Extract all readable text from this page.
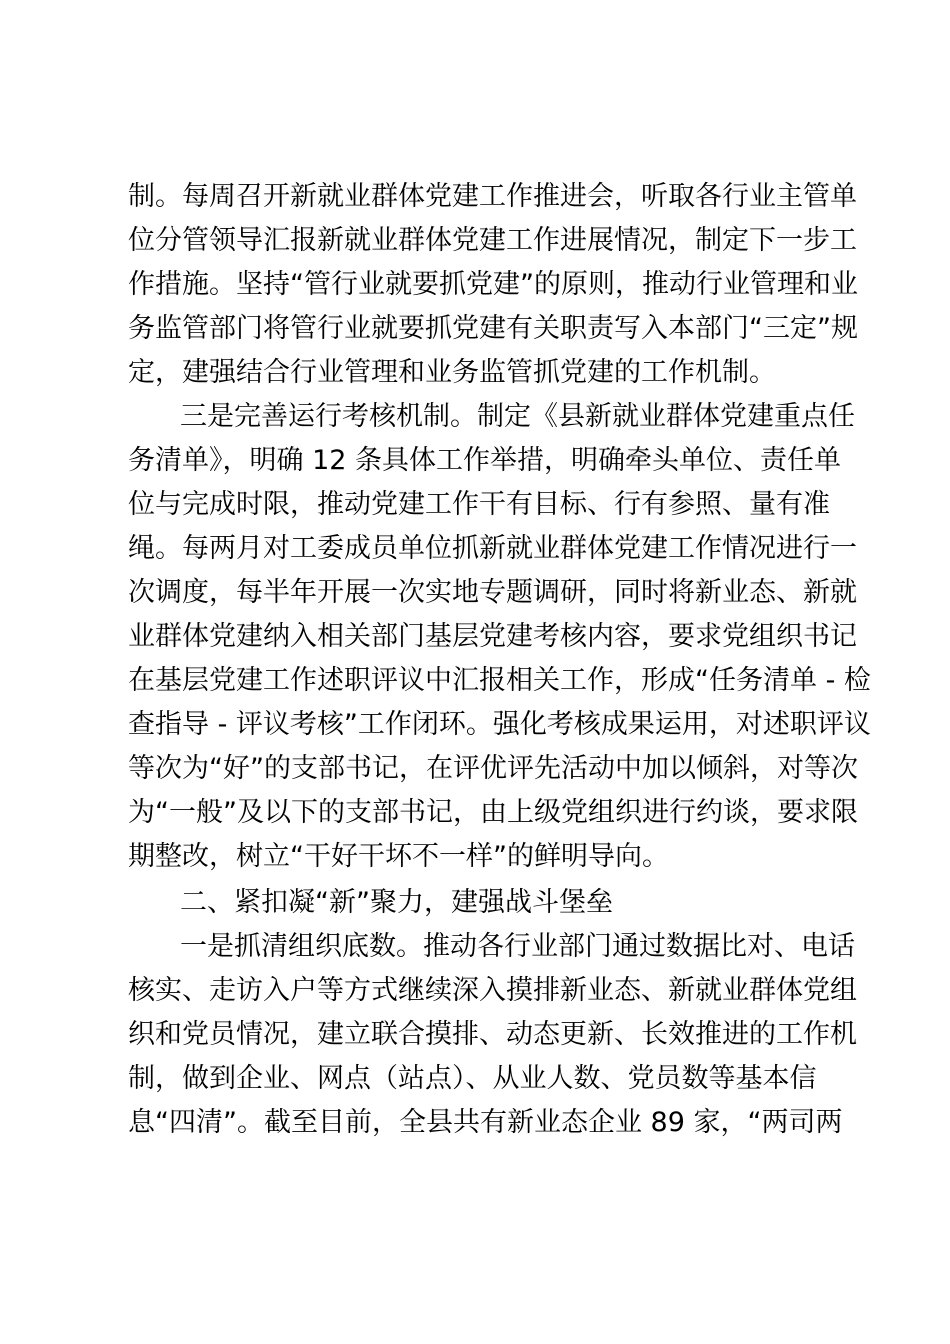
制。每周召开新就业群体党建工作推进会，听取各行业主管单
位分管领导汇报新就业群体党建工作进展情况，制定下一步工
作措施。坚持“管行业就要抓党建”的原则，推动行业管理和业
务监管部门将管行业就要抓党建有关职责写入本部门“三定”规
定，建强结合行业管理和业务监管抓党建的工作机制。
三是完善运行考核机制。制定《县新就业群体党建重点任
务清单》，明确 12 条具体工作举措，明确牵头单位、责任单
位与完成时限，推动党建工作干有目标、行有参照、量有准
绳。每两月对工委成员单位抓新就业群体党建工作情况进行一
次调度，每半年开展一次实地专题调研，同时将新业态、新就
业群体党建纳入相关部门基层党建考核内容，要求党组织书记
在基层党建工作述职评议中汇报相关工作，形成“任务清单 - 检
查指导 - 评议考核”工作闭环。强化考核成果运用，对述职评议
等次为“好”的支部书记，在评优评先活动中加以倾斜，对等次
为“一般”及以下的支部书记，由上级党组织进行约谈，要求限
期整改，树立“干好干坏不一样”的鲜明导向。
二、紧扣凝“新”聚力，建强战斗堡垒
一是抓清组织底数。推动各行业部门通过数据比对、电话
核实、走访入户等方式继续深入摸排新业态、新就业群体党组
织和党员情况，建立联合摸排、动态更新、长效推进的工作机
制，做到企业、网点（站点）、从业人数、党员数等基本信
息“四清”。截至目前，全县共有新业态企业 89 家，“两司两
